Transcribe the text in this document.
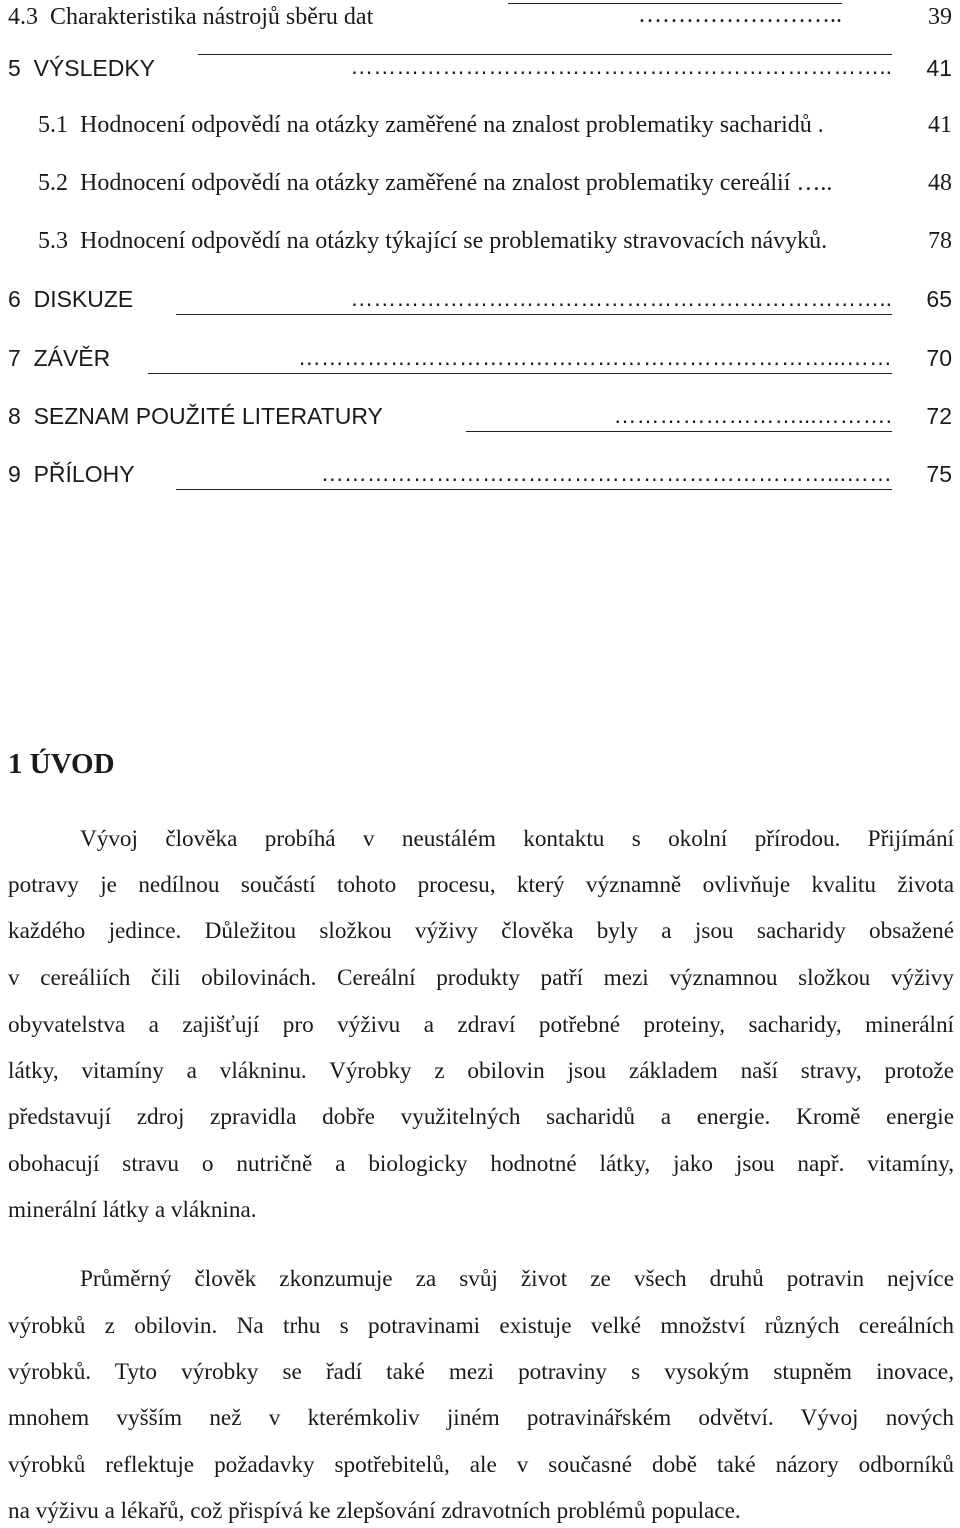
4.3 Charakteristika nástrojů sběru dat	……………………..	39
5 VÝSLEDKY	…………………………………………………………….. 41
5.1 Hodnocení odpovědí na otázky zaměřené na znalost problematiky sacharidů .	41
5.2 Hodnocení odpovědí na otázky zaměřené na znalost problematiky cereálií …..	48
5.3 Hodnocení odpovědí na otázky týkající se problematiky stravovacích návyků.	78
6 DISKUZE	…………………………………………………………….. 65
7 ZÁVĚR	……………………………………………………………...…… 70
8 SEZNAM POUŽITÉ LITERATURY	……………………...………. 72
9 PŘÍLOHY	…………………………………………………………...…… 75
1 ÚVOD
Vývoj člověka probíhá v neustálém kontaktu s okolní přírodou. Přijímání
potravy je nedílnou součástí tohoto procesu, který významně ovlivňuje kvalitu života
každého jedince. Důležitou složkou výživy člověka byly a jsou sacharidy obsažené
v cereáliích čili obilovinách. Cereální produkty patří mezi významnou složkou výživy
obyvatelstva a zajišťují pro výživu a zdraví potřebné proteiny, sacharidy, minerální
látky, vitamíny a vlákninu. Výrobky z obilovin jsou základem naší stravy, protože
představují zdroj zpravidla dobře využitelných sacharidů a energie. Kromě energie
obohacují stravu o nutričně a biologicky hodnotné látky, jako jsou např. vitamíny,
minerální látky a vláknina.
Průměrný člověk zkonzumuje za svůj život ze všech druhů potravin nejvíce
výrobků z obilovin. Na trhu s potravinami existuje velké množství různých cereálních
výrobků. Tyto výrobky se řadí také mezi potraviny s vysokým stupněm inovace,
mnohem vyšším než v kterémkoliv jiném potravinářském odvětví. Vývoj nových
výrobků reflektuje požadavky spotřebitelů, ale v současné době také názory odborníků
na výživu a lékařů, což přispívá ke zlepšování zdravotních problémů populace.
